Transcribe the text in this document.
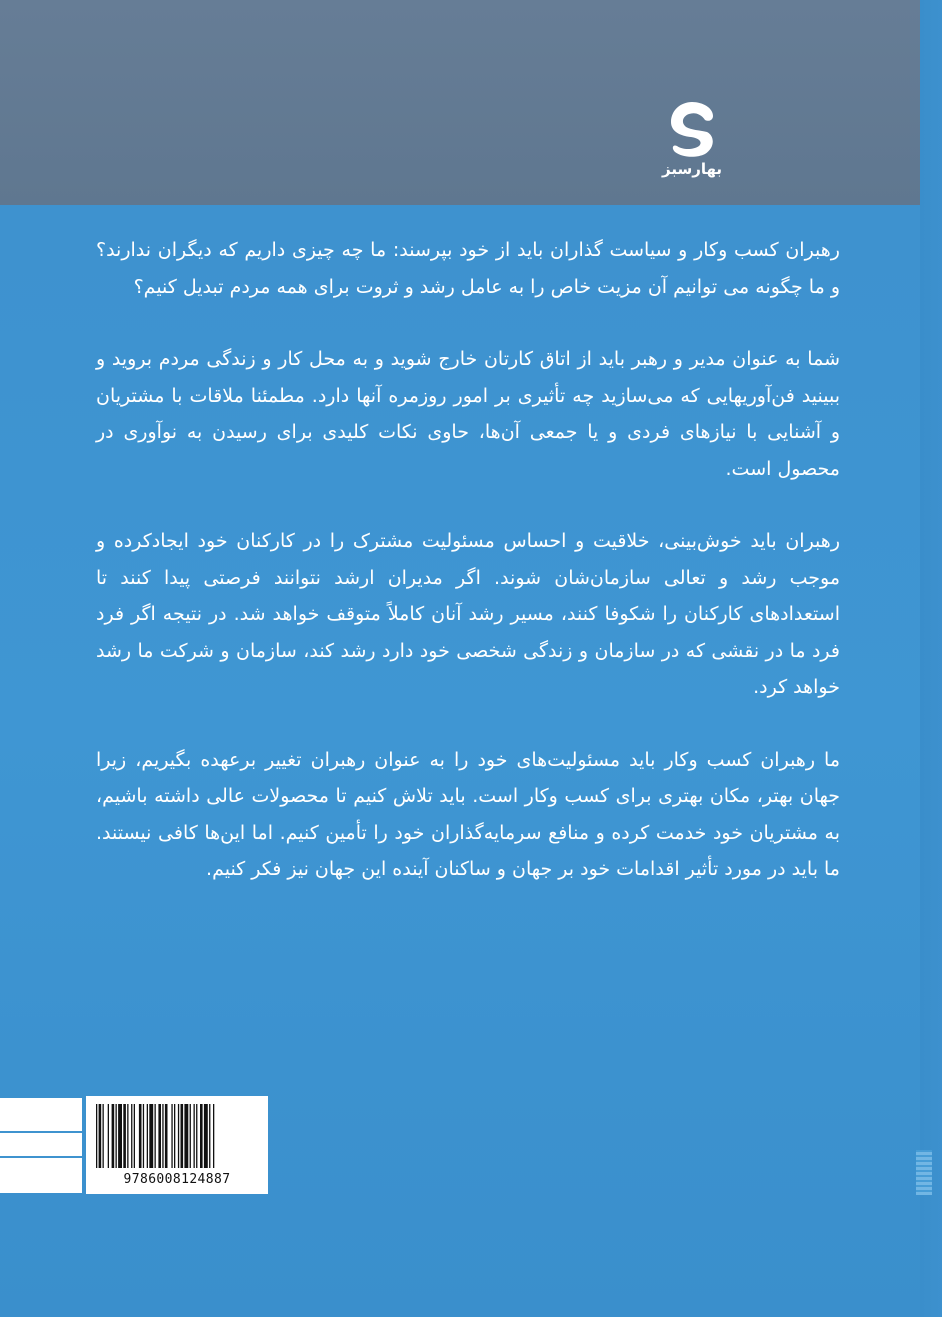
بهارسبز

رهبران کسب وکار و سیاست گذاران باید از خود بپرسند: ما چه چیزی داریم که دیگران ندارند؟ و ما چگونه می توانیم آن مزیت خاص را به عامل رشد و ثروت برای همه مردم تبدیل کنیم؟

شما به عنوان مدیر و رهبر باید از اتاق کارتان خارج شوید و به محل کار و زندگی مردم بروید و ببینید فن‌آوریهایی که می‌سازید چه تأثیری بر امور روزمره آنها دارد. مطمئنا ملاقات با مشتریان و آشنایی با نیازهای فردی و یا جمعی آن‌ها، حاوی نکات کلیدی برای رسیدن به نوآوری در محصول است.

رهبران باید خوش‌بینی، خلاقیت و احساس مسئولیت مشترک را در کارکنان خود ایجادکرده و موجب رشد و تعالی سازمان‌شان شوند. اگر مدیران ارشد نتوانند فرصتی پیدا کنند تا استعدادهای کارکنان را شکوفا کنند، مسیر رشد آنان کاملاً متوقف خواهد شد. در نتیجه اگر فرد فرد ما در نقشی که در سازمان و زندگی شخصی خود دارد رشد کند، سازمان و شرکت ما رشد خواهد کرد.

ما رهبران کسب وکار باید مسئولیت‌های خود را به عنوان رهبران تغییر برعهده بگیریم، زیرا جهان بهتر، مکان بهتری برای کسب وکار است. باید تلاش کنیم تا محصولات عالی داشته باشیم، به مشتریان خود خدمت کرده و منافع سرمایه‌گذاران خود را تأمین کنیم. اما این‌ها کافی نیستند. ما باید در مورد تأثیر اقدامات خود بر جهان و ساکنان آینده این جهان نیز فکر کنیم.

9786008124887
